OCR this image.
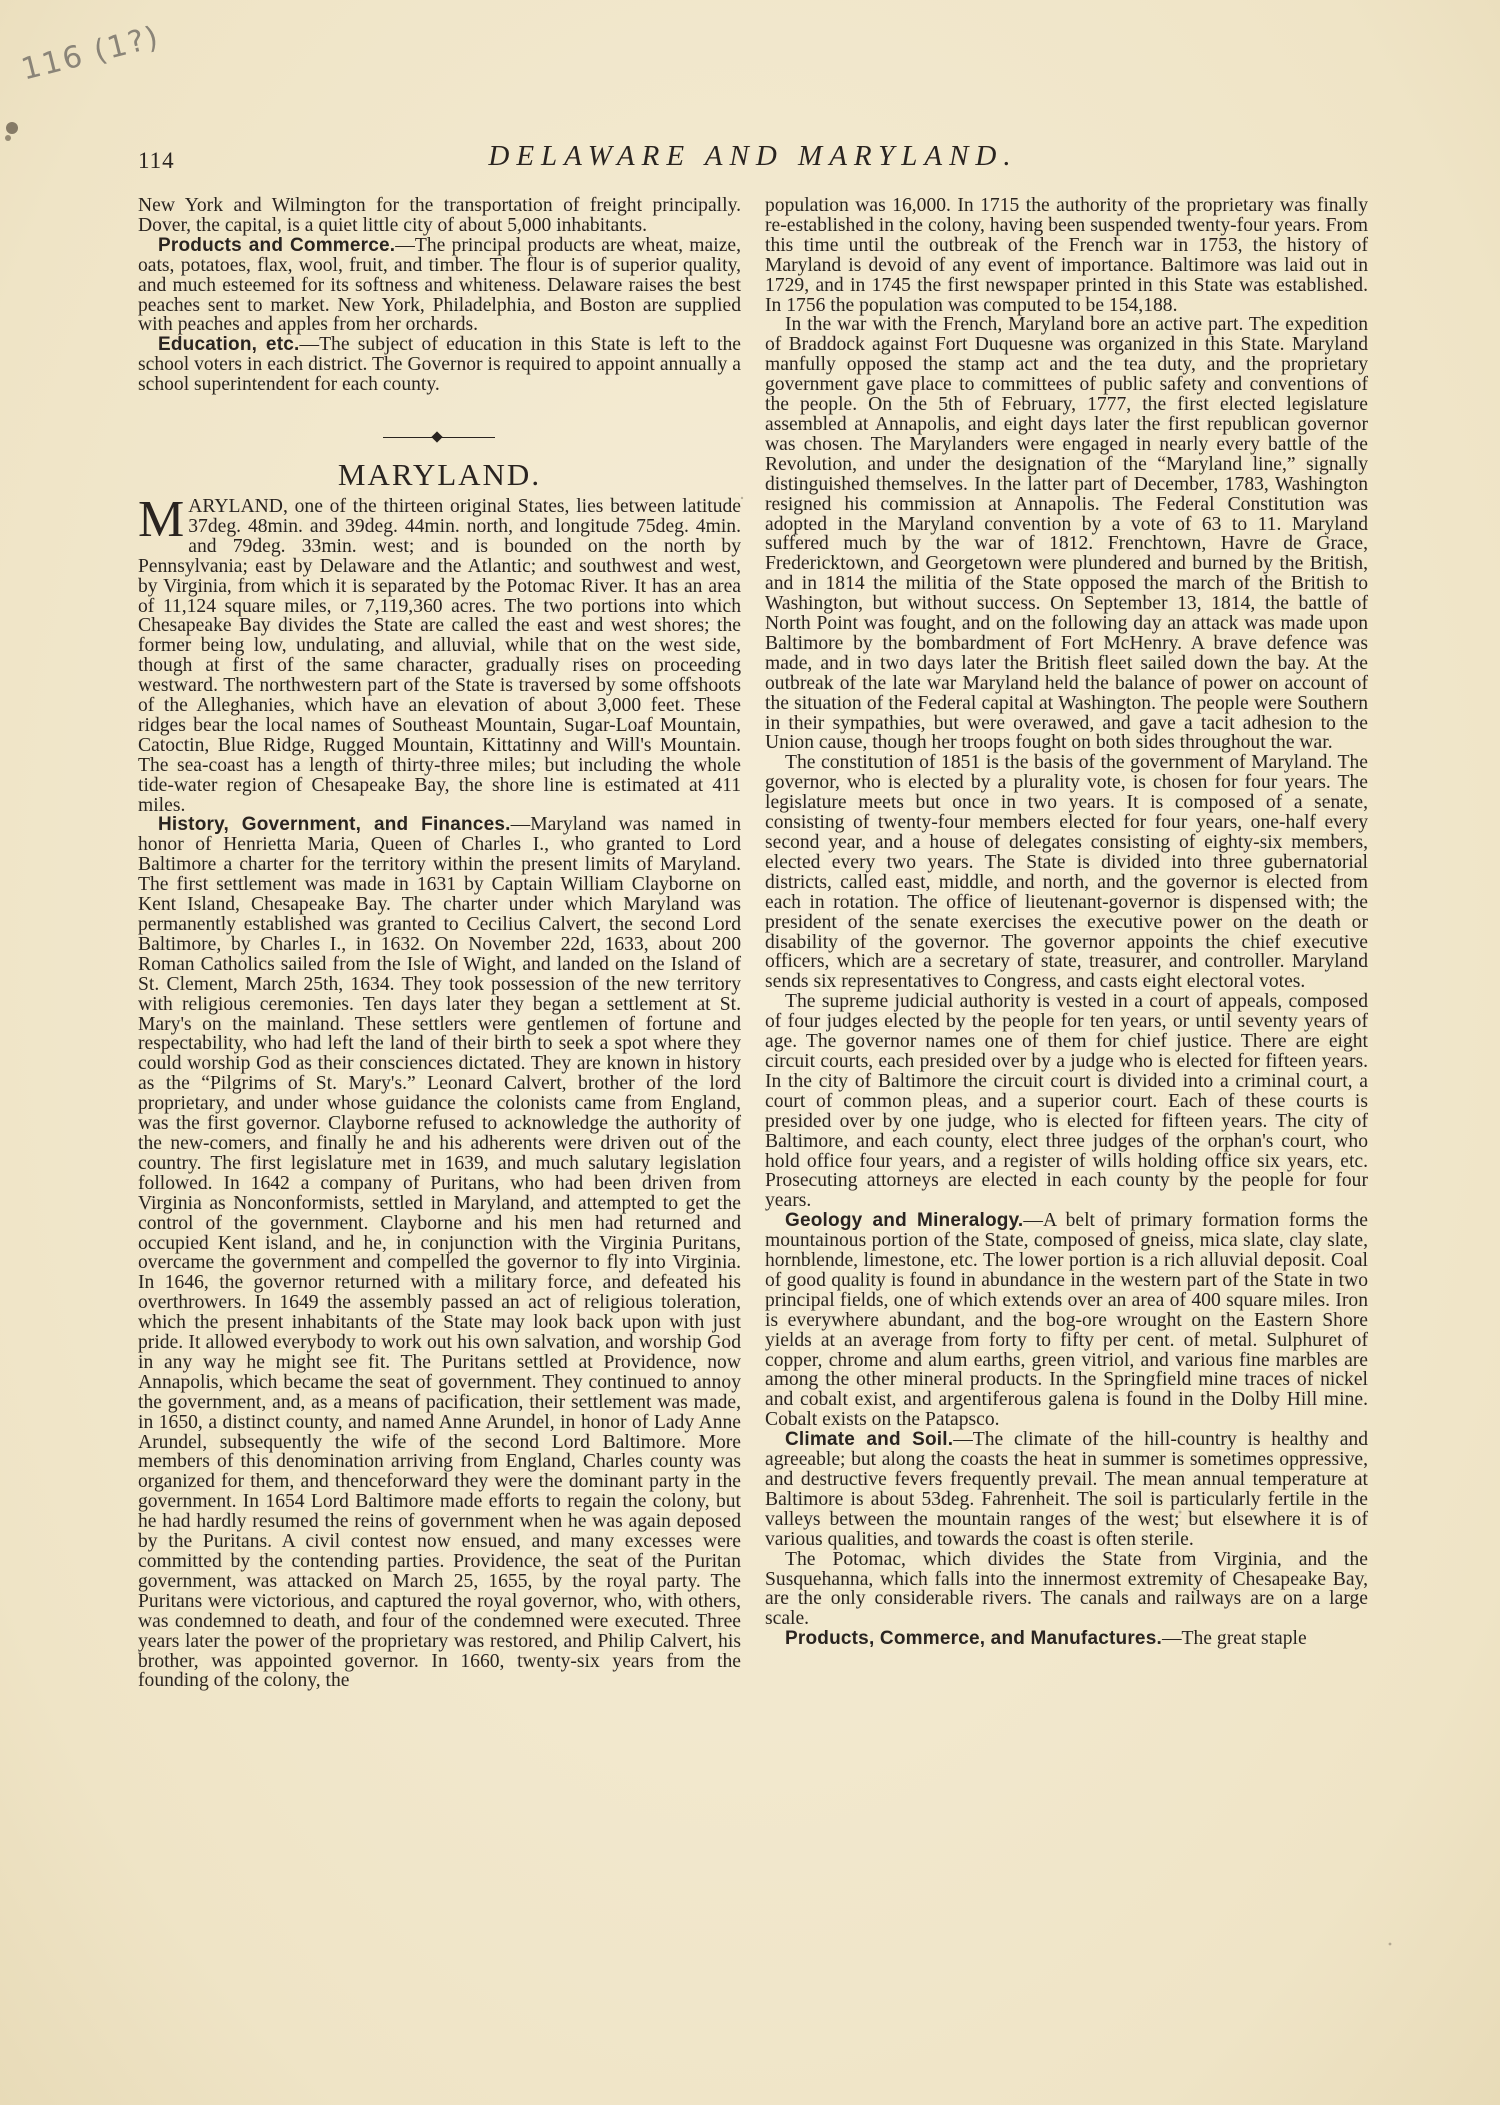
116 (1?)
114	DELAWARE AND MARYLAND.

New York and Wilmington for the transportation of freight principally. Dover, the capital, is a quiet little city of about 5,000 inhabitants.

Products and Commerce.—The principal products are wheat, maize, oats, potatoes, flax, wool, fruit, and timber. The flour is of superior quality, and much esteemed for its softness and whiteness. Delaware raises the best peaches sent to market. New York, Philadelphia, and Boston are supplied with peaches and apples from her orchards.

Education, etc.—The subject of education in this State is left to the school voters in each district. The Governor is required to appoint annually a school superintendent for each county.

MARYLAND.

MARYLAND, one of the thirteen original States, lies between latitude 37deg. 48min. and 39deg. 44min. north, and longitude 75deg. 4min. and 79deg. 33min. west; and is bounded on the north by Pennsylvania; east by Delaware and the Atlantic; and southwest and west, by Virginia, from which it is separated by the Potomac River. It has an area of 11,124 square miles, or 7,119,360 acres. The two portions into which Chesapeake Bay divides the State are called the east and west shores; the former being low, undulating, and alluvial, while that on the west side, though at first of the same character, gradually rises on proceeding westward. The northwestern part of the State is traversed by some offshoots of the Alleghanies, which have an elevation of about 3,000 feet. These ridges bear the local names of Southeast Mountain, Sugar-Loaf Mountain, Catoctin, Blue Ridge, Rugged Mountain, Kittatinny and Will's Mountain. The sea-coast has a length of thirty-three miles; but including the whole tide-water region of Chesapeake Bay, the shore line is estimated at 411 miles.

History, Government, and Finances.—Maryland was named in honor of Henrietta Maria, Queen of Charles I., who granted to Lord Baltimore a charter for the territory within the present limits of Maryland. The first settlement was made in 1631 by Captain William Clayborne on Kent Island, Chesapeake Bay. The charter under which Maryland was permanently established was granted to Cecilius Calvert, the second Lord Baltimore, by Charles I., in 1632. On November 22d, 1633, about 200 Roman Catholics sailed from the Isle of Wight, and landed on the Island of St. Clement, March 25th, 1634. They took possession of the new territory with religious ceremonies. Ten days later they began a settlement at St. Mary's on the mainland. These settlers were gentlemen of fortune and respectability, who had left the land of their birth to seek a spot where they could worship God as their consciences dictated. They are known in history as the “Pilgrims of St. Mary's.” Leonard Calvert, brother of the lord proprietary, and under whose guidance the colonists came from England, was the first governor. Clayborne refused to acknowledge the authority of the new-comers, and finally he and his adherents were driven out of the country. The first legislature met in 1639, and much salutary legislation followed. In 1642 a company of Puritans, who had been driven from Virginia as Nonconformists, settled in Maryland, and attempted to get the control of the government. Clayborne and his men had returned and occupied Kent island, and he, in conjunction with the Virginia Puritans, overcame the government and compelled the governor to fly into Virginia. In 1646, the governor returned with a military force, and defeated his overthrowers. In 1649 the assembly passed an act of religious toleration, which the present inhabitants of the State may look back upon with just pride. It allowed everybody to work out his own salvation, and worship God in any way he might see fit. The Puritans settled at Providence, now Annapolis, which became the seat of government. They continued to annoy the government, and, as a means of pacification, their settlement was made, in 1650, a distinct county, and named Anne Arundel, in honor of Lady Anne Arundel, subsequently the wife of the second Lord Baltimore. More members of this denomination arriving from England, Charles county was organized for them, and thenceforward they were the dominant party in the government. In 1654 Lord Baltimore made efforts to regain the colony, but he had hardly resumed the reins of government when he was again deposed by the Puritans. A civil contest now ensued, and many excesses were committed by the contending parties. Providence, the seat of the Puritan government, was attacked on March 25, 1655, by the royal party. The Puritans were victorious, and captured the royal governor, who, with others, was condemned to death, and four of the condemned were executed. Three years later the power of the proprietary was restored, and Philip Calvert, his brother, was appointed governor. In 1660, twenty-six years from the founding of the colony, the

population was 16,000. In 1715 the authority of the proprietary was finally re-established in the colony, having been suspended twenty-four years. From this time until the outbreak of the French war in 1753, the history of Maryland is devoid of any event of importance. Baltimore was laid out in 1729, and in 1745 the first newspaper printed in this State was established. In 1756 the population was computed to be 154,188.

In the war with the French, Maryland bore an active part. The expedition of Braddock against Fort Duquesne was organized in this State. Maryland manfully opposed the stamp act and the tea duty, and the proprietary government gave place to committees of public safety and conventions of the people. On the 5th of February, 1777, the first elected legislature assembled at Annapolis, and eight days later the first republican governor was chosen. The Marylanders were engaged in nearly every battle of the Revolution, and under the designation of the “Maryland line,” signally distinguished themselves. In the latter part of December, 1783, Washington resigned his commission at Annapolis. The Federal Constitution was adopted in the Maryland convention by a vote of 63 to 11. Maryland suffered much by the war of 1812. Frenchtown, Havre de Grace, Fredericktown, and Georgetown were plundered and burned by the British, and in 1814 the militia of the State opposed the march of the British to Washington, but without success. On September 13, 1814, the battle of North Point was fought, and on the following day an attack was made upon Baltimore by the bombardment of Fort McHenry. A brave defence was made, and in two days later the British fleet sailed down the bay. At the outbreak of the late war Maryland held the balance of power on account of the situation of the Federal capital at Washington. The people were Southern in their sympathies, but were overawed, and gave a tacit adhesion to the Union cause, though her troops fought on both sides throughout the war.

The constitution of 1851 is the basis of the government of Maryland. The governor, who is elected by a plurality vote, is chosen for four years. The legislature meets but once in two years. It is composed of a senate, consisting of twenty-four members elected for four years, one-half every second year, and a house of delegates consisting of eighty-six members, elected every two years. The State is divided into three gubernatorial districts, called east, middle, and north, and the governor is elected from each in rotation. The office of lieutenant-governor is dispensed with; the president of the senate exercises the executive power on the death or disability of the governor. The governor appoints the chief executive officers, which are a secretary of state, treasurer, and controller. Maryland sends six representatives to Congress, and casts eight electoral votes.

The supreme judicial authority is vested in a court of appeals, composed of four judges elected by the people for ten years, or until seventy years of age. The governor names one of them for chief justice. There are eight circuit courts, each presided over by a judge who is elected for fifteen years. In the city of Baltimore the circuit court is divided into a criminal court, a court of common pleas, and a superior court. Each of these courts is presided over by one judge, who is elected for fifteen years. The city of Baltimore, and each county, elect three judges of the orphan's court, who hold office four years, and a register of wills holding office six years, etc. Prosecuting attorneys are elected in each county by the people for four years.

Geology and Mineralogy.—A belt of primary formation forms the mountainous portion of the State, composed of gneiss, mica slate, clay slate, hornblende, limestone, etc. The lower portion is a rich alluvial deposit. Coal of good quality is found in abundance in the western part of the State in two principal fields, one of which extends over an area of 400 square miles. Iron is everywhere abundant, and the bog-ore wrought on the Eastern Shore yields at an average from forty to fifty per cent. of metal. Sulphuret of copper, chrome and alum earths, green vitriol, and various fine marbles are among the other mineral products. In the Springfield mine traces of nickel and cobalt exist, and argentiferous galena is found in the Dolby Hill mine. Cobalt exists on the Patapsco.

Climate and Soil.—The climate of the hill-country is healthy and agreeable; but along the coasts the heat in summer is sometimes oppressive, and destructive fevers frequently prevail. The mean annual temperature at Baltimore is about 53deg. Fahrenheit. The soil is particularly fertile in the valleys between the mountain ranges of the west; but elsewhere it is of various qualities, and towards the coast is often sterile.

The Potomac, which divides the State from Virginia, and the Susquehanna, which falls into the innermost extremity of Chesapeake Bay, are the only considerable rivers. The canals and railways are on a large scale.

Products, Commerce, and Manufactures.—The great staple
